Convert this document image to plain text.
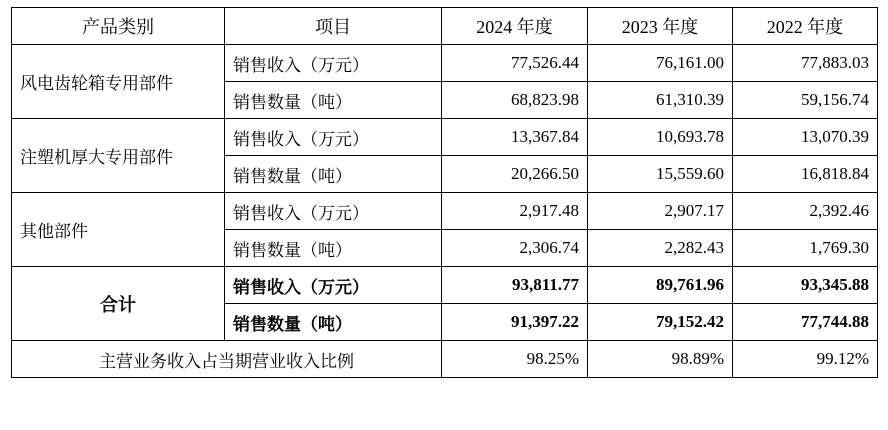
产品类别	项目	2024 年度	2023 年度	2022 年度
风电齿轮箱专用部件	销售收入（万元）	77,526.44	76,161.00	77,883.03
	销售数量（吨）	68,823.98	61,310.39	59,156.74
注塑机厚大专用部件	销售收入（万元）	13,367.84	10,693.78	13,070.39
	销售数量（吨）	20,266.50	15,559.60	16,818.84
其他部件	销售收入（万元）	2,917.48	2,907.17	2,392.46
	销售数量（吨）	2,306.74	2,282.43	1,769.30
合计	销售收入（万元）	93,811.77	89,761.96	93,345.88
	销售数量（吨）	91,397.22	79,152.42	77,744.88
主营业务收入占当期营业收入比例		98.25%	98.89%	99.12%
